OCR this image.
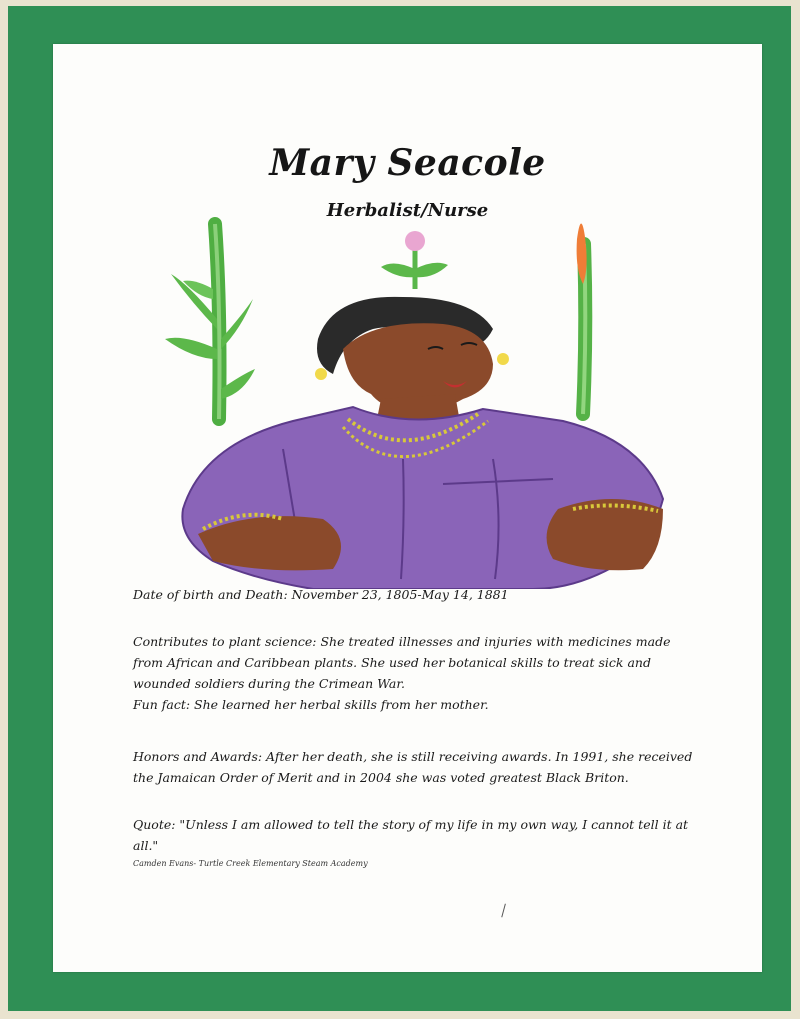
Mary Seacole
Herbalist/Nurse
Date of birth and Death: November 23, 1805-May 14, 1881

Contributes to plant science: She treated illnesses and injuries with medicines made from African and Caribbean plants. She used her botanical skills to treat sick and wounded soldiers during the Crimean War.

Fun fact: She learned her herbal skills from her mother.

Honors and Awards: After her death, she is still receiving awards. In 1991, she received the Jamaican Order of Merit and in 2004 she was voted greatest Black Briton.

Quote: "Unless I am allowed to tell the story of my life in my own way, I cannot tell it at all."

Camden Evans- Turtle Creek Elementary Steam Academy
